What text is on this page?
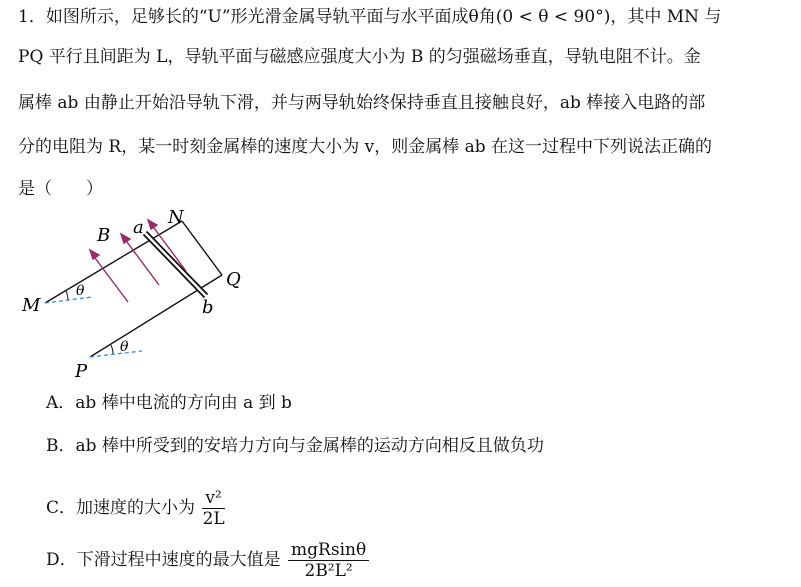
1．如图所示，足够长的“U”形光滑金属导轨平面与水平面成θ角(0 < θ < 90°)，其中 MN 与
PQ 平行且间距为 L，导轨平面与磁感应强度大小为 B 的匀强磁场垂直，导轨电阻不计。金
属棒 ab 由静止开始沿导轨下滑，并与两导轨始终保持垂直且接触良好，ab 棒接入电路的部
分的电阻为 R，某一时刻金属棒的速度大小为 v，则金属棒 ab 在这一过程中下列说法正确的
是（　　）
M
N
P
Q
a
b
B
θ
θ
A．ab 棒中电流的方向由 a 到 b
B．ab 棒中所受到的安培力方向与金属棒的运动方向相反且做负功
C．加速度的大小为 $\frac{\text{v²}}{2L}$
D．下滑过程中速度的最大值是 $\frac{\text{mgRsinθ}}{\text{2B²L²}}$
